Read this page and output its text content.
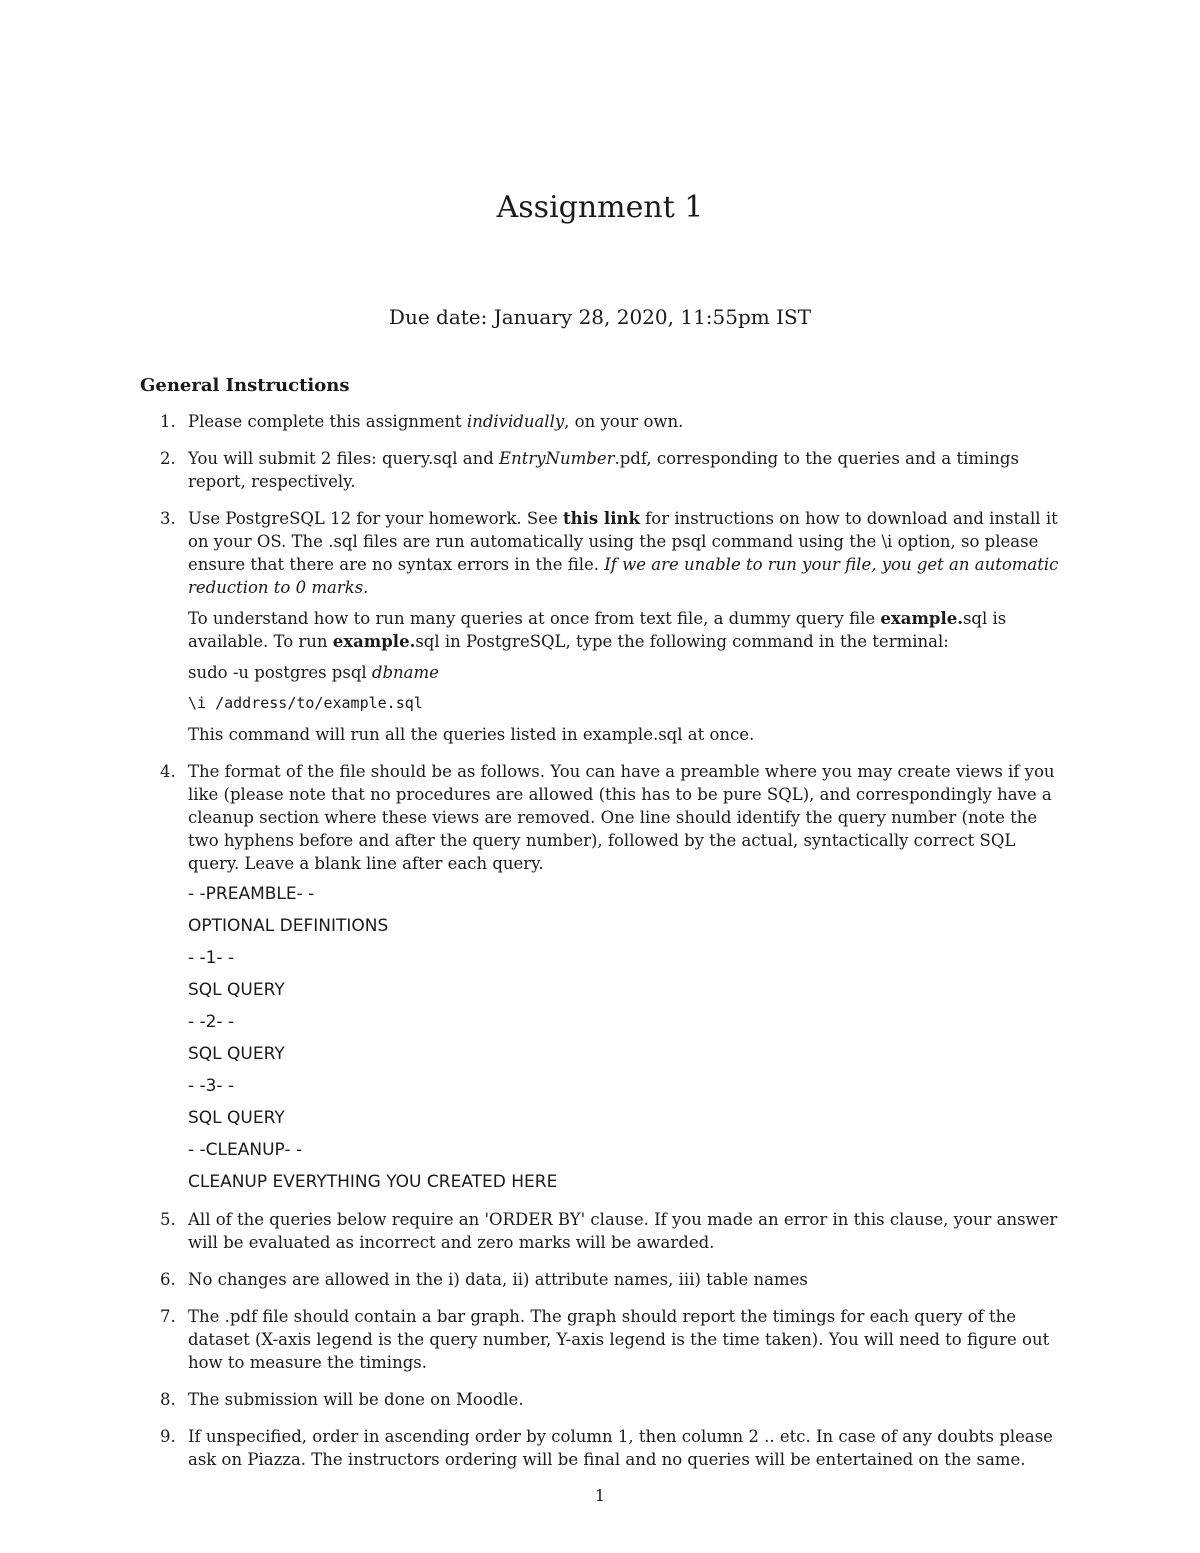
Assignment 1
Due date: January 28, 2020, 11:55pm IST
General Instructions
1. Please complete this assignment individually, on your own.
2. You will submit 2 files: query.sql and EntryNumber.pdf, corresponding to the queries and a timings report, respectively.
3. Use PostgreSQL 12 for your homework. See this link for instructions on how to download and install it on your OS. The .sql files are run automatically using the psql command using the \i option, so please ensure that there are no syntax errors in the file. If we are unable to run your file, you get an automatic reduction to 0 marks.

To understand how to run many queries at once from text file, a dummy query file example.sql is available. To run example.sql in PostgreSQL, type the following command in the terminal:

sudo -u postgres psql dbname

\i /address/to/example.sql

This command will run all the queries listed in example.sql at once.

4. The format of the file should be as follows. You can have a preamble where you may create views if you like (please note that no procedures are allowed (this has to be pure SQL), and correspondingly have a cleanup section where these views are removed. One line should identify the query number (note the two hyphens before and after the query number), followed by the actual, syntactically correct SQL query. Leave a blank line after each query.

- -PREAMBLE- -

OPTIONAL DEFINITIONS

- -1- -

SQL QUERY

- -2- -

SQL QUERY

- -3- -

SQL QUERY

- -CLEANUP- -

CLEANUP EVERYTHING YOU CREATED HERE

5. All of the queries below require an 'ORDER BY' clause. If you made an error in this clause, your answer will be evaluated as incorrect and zero marks will be awarded.
6. No changes are allowed in the i) data, ii) attribute names, iii) table names
7. The .pdf file should contain a bar graph. The graph should report the timings for each query of the dataset (X-axis legend is the query number, Y-axis legend is the time taken). You will need to figure out how to measure the timings.
8. The submission will be done on Moodle.
9. If unspecified, order in ascending order by column 1, then column 2 .. etc. In case of any doubts please ask on Piazza. The instructors ordering will be final and no queries will be entertained on the same.
1
